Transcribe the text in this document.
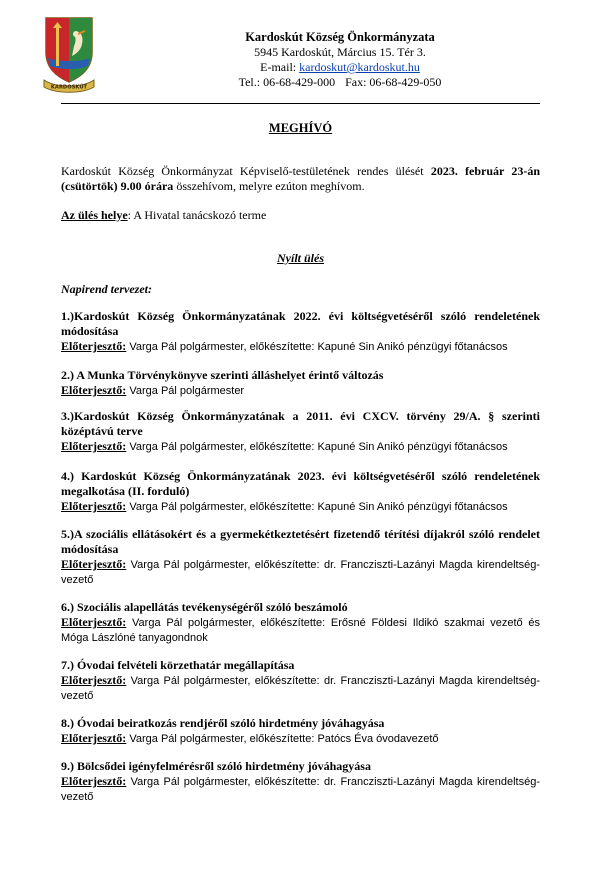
KARDOSKÚT
Kardoskút Község Önkormányzata
5945 Kardoskút, Március 15. Tér 3.
E-mail: kardoskut@kardoskut.hu
Tel.: 06-68-429-000 Fax: 06-68-429-050
MEGHÍVÓ
Kardoskút Község Önkormányzat Képviselő-testületének rendes ülését 2023. február 23-án (csütörtök) 9.00 órára összehívom, melyre ezúton meghívom.
Az ülés helye: A Hivatal tanácskozó terme
Nyílt ülés
Napirend tervezet:
1.)Kardoskút Község Önkormányzatának 2022. évi költségvetéséről szóló rendeletének módosítása
Előterjesztő: Varga Pál polgármester, előkészítette: Kapuné Sin Anikó pénzügyi főtanácsos
2.) A Munka Törvénykönyve szerinti álláshelyet érintő változás
Előterjesztő: Varga Pál polgármester
3.)Kardoskút Község Önkormányzatának a 2011. évi CXCV. törvény 29/A. § szerinti középtávú terve
Előterjesztő: Varga Pál polgármester, előkészítette: Kapuné Sin Anikó pénzügyi főtanácsos
4.) Kardoskút Község Önkormányzatának 2023. évi költségvetéséről szóló rendeletének megalkotása (II. forduló)
Előterjesztő: Varga Pál polgármester, előkészítette: Kapuné Sin Anikó pénzügyi főtanácsos
5.)A szociális ellátásokért és a gyermekétkeztetésért fizetendő térítési díjakról szóló rendelet módosítása
Előterjesztő: Varga Pál polgármester, előkészítette: dr. Francziszti-Lazányi Magda kirendeltség-vezető
6.) Szociális alapellátás tevékenységéről szóló beszámoló
Előterjesztő: Varga Pál polgármester, előkészítette: Erősné Földesi Ildikó szakmai vezető és Móga Lászlóné tanyagondnok
7.) Óvodai felvételi körzethatár megállapítása
Előterjesztő: Varga Pál polgármester, előkészítette: dr. Francziszti-Lazányi Magda kirendeltség-vezető
8.) Óvodai beiratkozás rendjéről szóló hirdetmény jóváhagyása
Előterjesztő: Varga Pál polgármester, előkészítette: Patócs Éva óvodavezető
9.) Bölcsődei igényfelmérésről szóló hirdetmény jóváhagyása
Előterjesztő: Varga Pál polgármester, előkészítette: dr. Francziszti-Lazányi Magda kirendeltség-vezető
